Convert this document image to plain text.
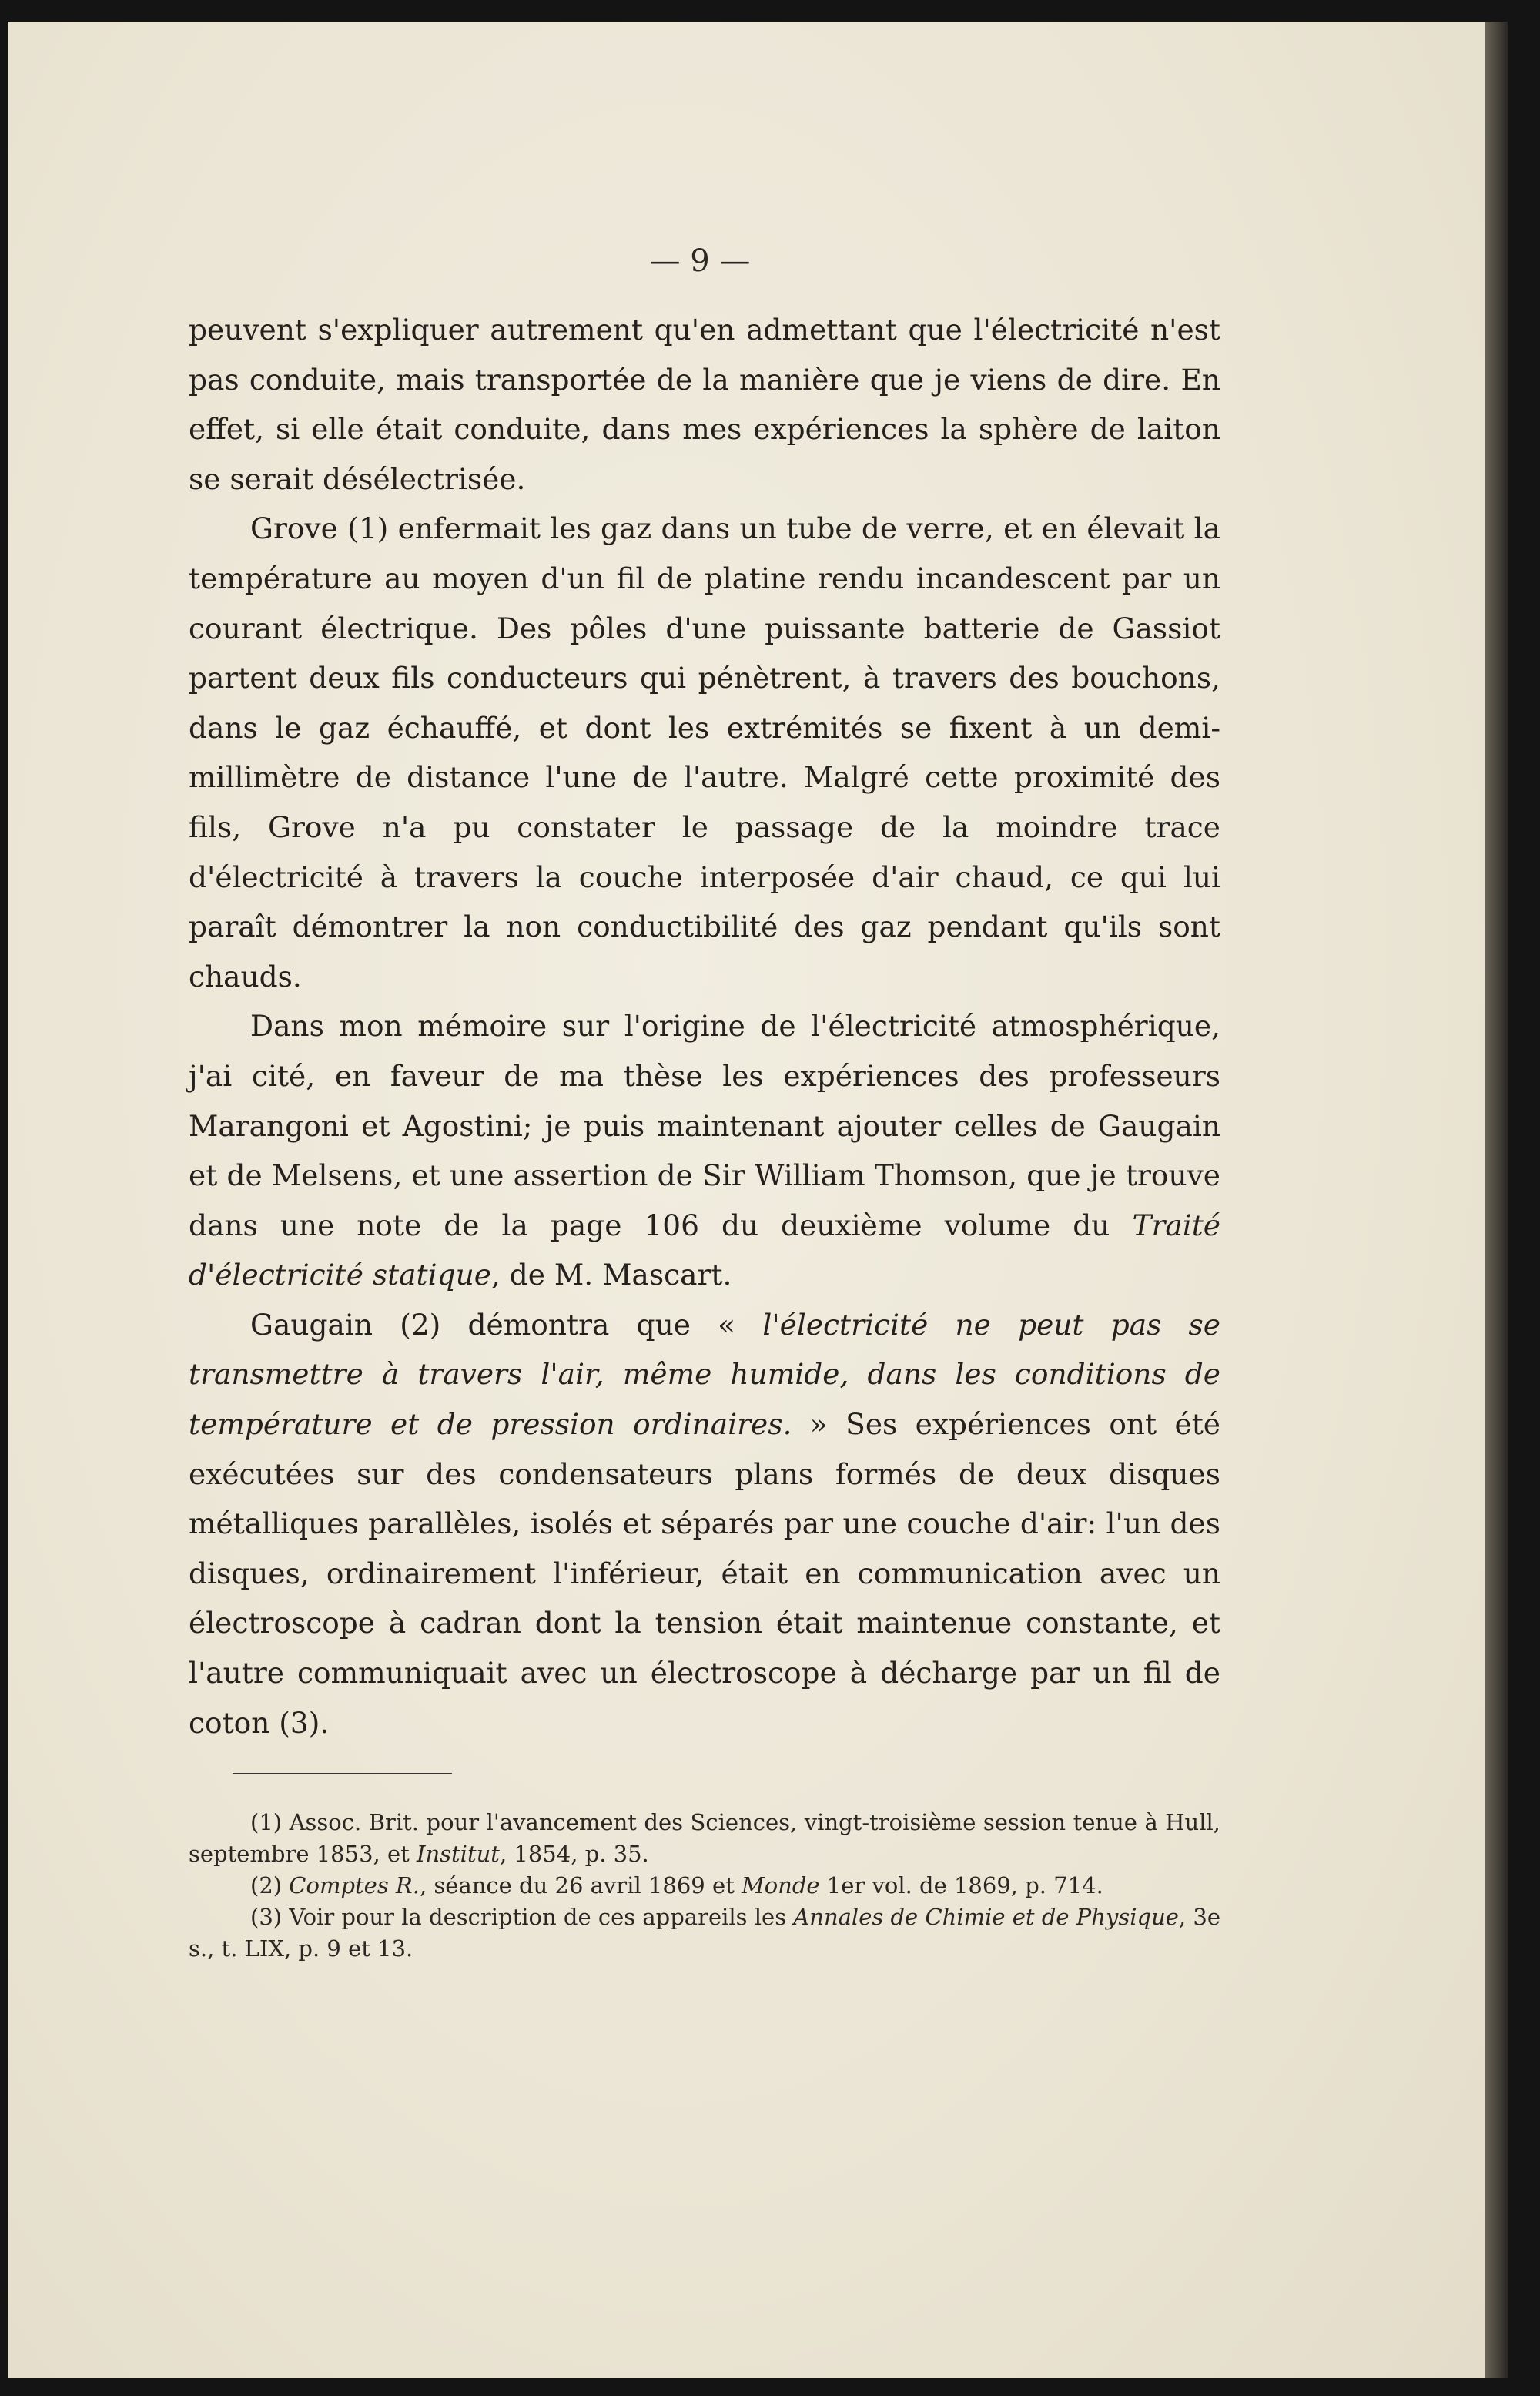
— 9 —

peuvent s'expliquer autrement qu'en admettant que l'électricité n'est pas conduite, mais transportée de la manière que je viens de dire. En effet, si elle était conduite, dans mes expériences la sphère de laiton se serait désélectrisée.

Grove (1) enfermait les gaz dans un tube de verre, et en élevait la température au moyen d'un fil de platine rendu incandescent par un courant électrique. Des pôles d'une puissante batterie de Gassiot partent deux fils conducteurs qui pénètrent, à travers des bouchons, dans le gaz échauffé, et dont les extrémités se fixent à un demi-millimètre de distance l'une de l'autre. Malgré cette proximité des fils, Grove n'a pu constater le passage de la moindre trace d'électricité à travers la couche interposée d'air chaud, ce qui lui paraît démontrer la non conductibilité des gaz pendant qu'ils sont chauds.

Dans mon mémoire sur l'origine de l'électricité atmosphérique, j'ai cité, en faveur de ma thèse les expériences des professeurs Marangoni et Agostini; je puis maintenant ajouter celles de Gaugain et de Melsens, et une assertion de Sir William Thomson, que je trouve dans une note de la page 106 du deuxième volume du Traité d'électricité statique, de M. Mascart.

Gaugain (2) démontra que « l'électricité ne peut pas se transmettre à travers l'air, même humide, dans les conditions de température et de pression ordinaires. » Ses expériences ont été exécutées sur des condensateurs plans formés de deux disques métalliques parallèles, isolés et séparés par une couche d'air: l'un des disques, ordinairement l'inférieur, était en communication avec un électroscope à cadran dont la tension était maintenue constante, et l'autre communiquait avec un électroscope à décharge par un fil de coton (3).

(1) Assoc. Brit. pour l'avancement des Sciences, vingt-troisième session tenue à Hull, septembre 1853, et Institut, 1854, p. 35.

(2) Comptes R., séance du 26 avril 1869 et Monde 1er vol. de 1869, p. 714.

(3) Voir pour la description de ces appareils les Annales de Chimie et de Physique, 3e s., t. LIX, p. 9 et 13.
